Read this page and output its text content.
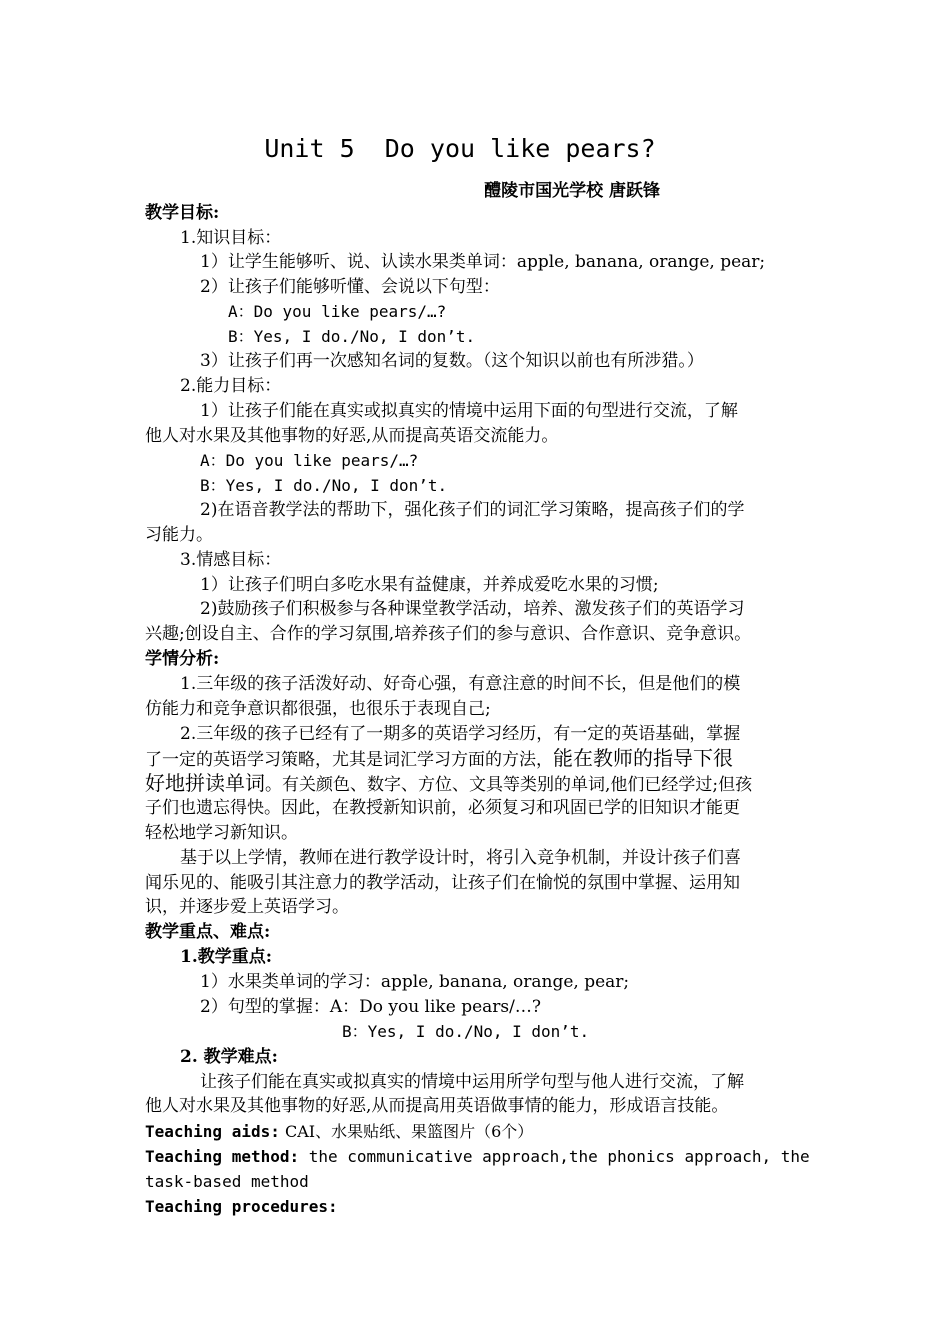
Unit 5  Do you like pears?
醴陵市国光学校 唐跃锋
教学目标:
1.知识目标：
1）让学生能够听、说、认读水果类单词：apple, banana, orange, pear;
2）让孩子们能够听懂、会说以下句型：
A：Do you like pears/…?
B：Yes, I do./No, I don’t.
3）让孩子们再一次感知名词的复数。（这个知识以前也有所涉猎。）
2.能力目标：
1）让孩子们能在真实或拟真实的情境中运用下面的句型进行交流，了解
他人对水果及其他事物的好恶,从而提高英语交流能力。
A：Do you like pears/…?
B：Yes, I do./No, I don’t.
2)在语音教学法的帮助下，强化孩子们的词汇学习策略，提高孩子们的学
习能力。
3.情感目标：
1）让孩子们明白多吃水果有益健康，并养成爱吃水果的习惯;
2)鼓励孩子们积极参与各种课堂教学活动，培养、激发孩子们的英语学习
兴趣;创设自主、合作的学习氛围,培养孩子们的参与意识、合作意识、竞争意识。
学情分析:
1.三年级的孩子活泼好动、好奇心强，有意注意的时间不长，但是他们的模
仿能力和竞争意识都很强，也很乐于表现自己;
2.三年级的孩子已经有了一期多的英语学习经历，有一定的英语基础，掌握
了一定的英语学习策略，尤其是词汇学习方面的方法，能在教师的指导下很
好地拼读单词。有关颜色、数字、方位、文具等类别的单词,他们已经学过;但孩
子们也遗忘得快。因此，在教授新知识前，必须复习和巩固已学的旧知识才能更
轻松地学习新知识。
基于以上学情，教师在进行教学设计时，将引入竞争机制，并设计孩子们喜
闻乐见的、能吸引其注意力的教学活动，让孩子们在愉悦的氛围中掌握、运用知
识，并逐步爱上英语学习。
教学重点、难点:
1.教学重点:
1）水果类单词的学习：apple, banana, orange, pear;
2）句型的掌握：A：Do you like pears/…?
B：Yes, I do./No, I don’t.
2. 教学难点:
让孩子们能在真实或拟真实的情境中运用所学句型与他人进行交流，了解
他人对水果及其他事物的好恶,从而提高用英语做事情的能力，形成语言技能。
Teaching aids: CAI、水果贴纸、果篮图片（6个）
Teaching method: the communicative approach,the phonics approach, the
task-based method
Teaching procedures:
